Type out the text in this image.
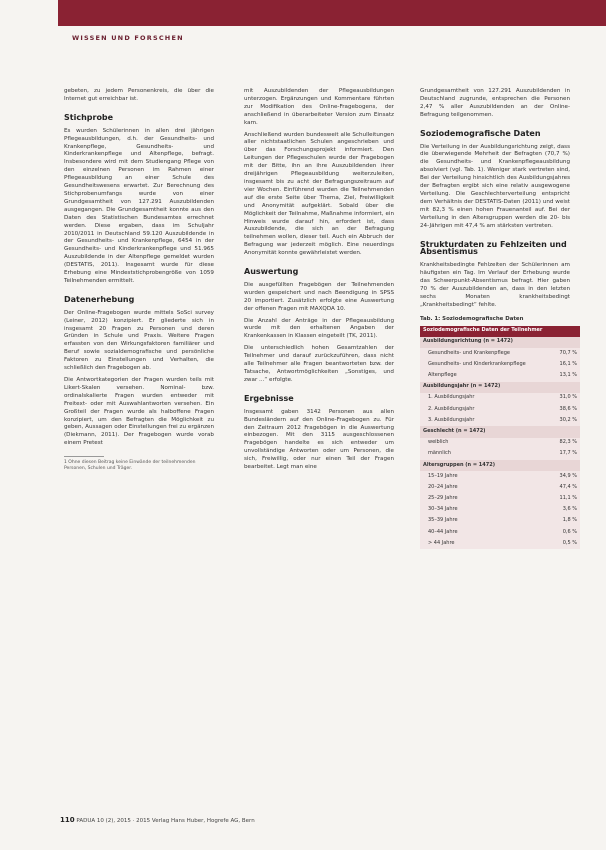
WISSEN UND FORSCHEN

gebeten, zu jedem Personenkreis, die über die Internet gut erreichbar ist.

Stichprobe

Es wurden Schülerinnen in allen drei jährigen Pflegeausbildungen, d.h. der Gesundheits- und Krankenpflege, Gesundheits- und Kinderkrankenpflege und Altenpflege, befragt. Insbesondere wird mit dem Studiengang Pflege von den einzelnen Personen im Rahmen einer Pflegeausbildung an einer Schule des Gesundheitswesens erwartet. Zur Berechnung des Stichprobenumfangs wurde von einer Grundgesamtheit von 127.291 Auszubildenden ausgegangen. Die Grundgesamtheit konnte aus den Daten des Statistischen Bundesamtes errechnet werden. Diese ergaben, dass im Schuljahr 2010/2011 in Deutschland 59.120 Auszubildende in der Gesundheits- und Krankenpflege, 6454 in der Gesundheits- und Kinderkrankenpflege und 51.965 Auszubildende in der Altenpflege gemeldet wurden (DESTATIS, 2011). Insgesamt wurde für diese Erhebung eine Mindeststichprobengröße von 1059 Teilnehmenden ermittelt.

Datenerhebung

Der Online-Fragebogen wurde mittels SoSci survey (Leiner, 2012) konzipiert. Er gliederte sich in insgesamt 20 Fragen zu Personen und deren Gründen in Schule und Praxis. Weitere Fragen erfassten von den Wirkungsfaktoren familiärer und Beruf sowie sozialdemografische und persönliche Faktoren zu Einstellungen und Verhalten, die schließlich den Fragebogen ab.

Die Antwortkategorien der Fragen wurden teils mit Likert-Skalen versehen. Nominal- bzw. ordinalskalierte Fragen wurden entweder mit Freitext- oder mit Auswahlantworten versehen. Ein Großteil der Fragen wurde als halboffene Fragen konzipiert, um den Befragten die Möglichkeit zu geben, Aussagen oder Einstellungen frei zu ergänzen (Diekmann, 2011). Der Fragebogen wurde vorab einem Pretest

1 Ohne diesen Beitrag keine Einwände der teilnehmenden Personen, Schulen und Träger.

mit Auszubildenden der Pflegeausbildungen unterzogen. Ergänzungen und Kommentare führten zur Modifikation des Online-Fragebogens, der anschließend in überarbeiteter Version zum Einsatz kam.

Anschließend wurden bundesweit alle Schulleitungen aller nichtstaatlichen Schulen angeschrieben und über das Forschungsprojekt informiert. Den Leitungen der Pflegeschulen wurde der Fragebogen mit der Bitte, ihn an ihre Auszubildenden ihrer dreijährigen Pflegeausbildung weiterzuleiten, insgesamt bis zu acht der Befragungszeitraum auf vier Wochen. Einführend wurden die Teilnehmenden auf die erste Seite über Thema, Ziel, Freiwilligkeit und Anonymität aufgeklärt. Sobald über die Möglichkeit der Teilnahme, Maßnahme informiert, ein Hinweis wurde darauf hin, erfordert ist, dass Auszubildende, die sich an der Befragung teilnehmen wollen, dieser teil. Auch ein Abbruch der Befragung war jederzeit möglich. Eine neuerdings Anonymität konnte gewährleistet werden.

Auswertung

Die ausgefüllten Fragebögen der Teilnehmenden wurden gespeichert und nach Beendigung in SPSS 20 importiert. Zusätzlich erfolgte eine Auswertung der offenen Fragen mit MAXQDA 10.

Die Anzahl der Anträge in der Pflegeausbildung wurde mit den erhaltenen Angaben der Krankenkassen in Klassen eingeteilt (TK, 2011).

Die unterschiedlich hohen Gesamtzahlen der Teilnehmer und darauf zurückzuführen, dass nicht alle Teilnehmer alle Fragen beantworteten bzw. der Tatsache, Antwortmöglichkeiten „Sonstiges, und zwar ...“ erfolgte.

Ergebnisse

Insgesamt gaben 3142 Personen aus allen Bundesländern auf den Online-Fragebogen zu. Für den Zeitraum 2012 Fragebögen in die Auswertung einbezogen. Mit den 3115 ausgeschlossenen Fragebögen handelte es sich entweder um unvollständige Antworten oder um Personen, die sich, Freiwillig, oder nur einen Teil der Fragen bearbeitet. Legt man eine

Grundgesamtheit von 127.291 Auszubildenden in Deutschland zugrunde, entsprechen die Personen 2,47 % aller Auszubildenden an der Online-Befragung teilgenommen.

Soziodemografische Daten

Die Verteilung in der Ausbildungsrichtung zeigt, dass die überwiegende Mehrheit der Befragten (70,7 %) die Gesundheits- und Krankenpflegeausbildung absolviert (vgl. Tab. 1). Weniger stark vertreten sind, Bei der Verteilung hinsichtlich des Ausbildungsjahres der Befragten ergibt sich eine relativ ausgewogene Verteilung. Die Geschlechterverteilung entspricht dem Verhältnis der DESTATIS-Daten (2011) und weist mit 82,3 % einen hohen Frauenanteil auf. Bei der Verteilung in den Altersgruppen werden die 20- bis 24-Jährigen mit 47,4 % am stärksten vertreten.

Strukturdaten zu Fehlzeiten und Absentismus

Krankheitsbedingte Fehlzeiten der Schülerinnen am häufigsten ein Tag. Im Verlauf der Erhebung wurde das Schwerpunkt-Absentismus befragt. Hier gaben 70 % der Auszubildenden an, dass in den letzten sechs Monaten krankheitsbedingt „Krankheitsbedingt“ fehlte.

Tab. 1: Soziodemografische Daten
Soziodemografische Daten der Teilnehmer	
Ausbildungsrichtung (n = 1472)	
Gesundheits- und Krankenpflege	70,7 %
Gesundheits- und Kinderkrankenpflege	16,1 %
Altenpflege	13,1 %
Ausbildungsjahr (n = 1472)	
1. Ausbildungsjahr	31,0 %
2. Ausbildungsjahr	38,6 %
3. Ausbildungsjahr	30,2 %
Geschlecht (n = 1472)	
weiblich	82,3 %
männlich	17,7 %
Altersgruppen (n = 1472)	
15–19 Jahre	34,9 %
20–24 Jahre	47,4 %
25–29 Jahre	11,1 %
30–34 Jahre	3,6 %
35–39 Jahre	1,8 %
40–44 Jahre	0,6 %
> 44 Jahre	0,5 %
110 PADUA 10 (2), 2015 · 2015 Verlag Hans Huber, Hogrefe AG, Bern
